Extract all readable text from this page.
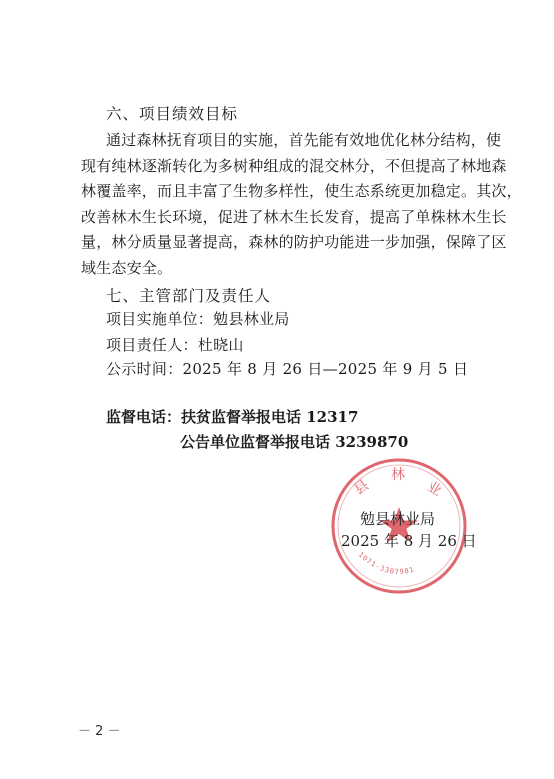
六、项目绩效目标
通过森林抚育项目的实施，首先能有效地优化林分结构，使
现有纯林逐渐转化为多树种组成的混交林分，不但提高了林地森
林覆盖率，而且丰富了生物多样性，使生态系统更加稳定。其次，
改善林木生长环境，促进了林木生长发育，提高了单株林木生长
量，林分质量显著提高，森林的防护功能进一步加强，保障了区
域生态安全。
七、主管部门及责任人
项目实施单位：勉县林业局
项目责任人：杜晓山
公示时间：2025 年 8 月 26 日—2025 年 9 月 5 日
监督电话：扶贫监督举报电话 12317
公告单位监督举报电话 3239870
县
林
业
1071-3307981
勉县林业局
2025 年 8 月 26 日
－ 2 －
